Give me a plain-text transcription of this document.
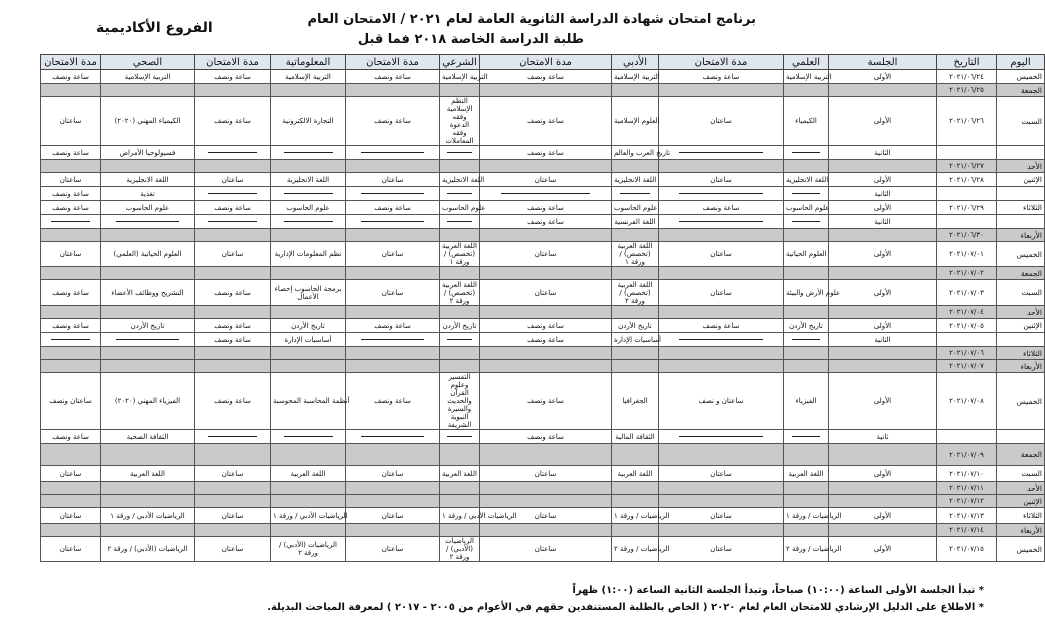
برنامج امتحان شهادة الدراسة الثانوية العامة لعام ٢٠٢١ / الامتحان العام
طلبة الدراسة الخاصة ٢٠١٨ فما قبل
الفروع الأكاديمية
مدة الامتحان	الصحي	مدة الامتحان	المعلوماتية	مدة الامتحان	الشرعي	مدة الامتحان	الأدبي	مدة الامتحان	العلمي	الجلسة	التاريخ	اليوم
ساعة ونصف	التربية الإسلامية	ساعة ونصف	التربية الإسلامية	ساعة ونصف	التربية الإسلامية	ساعة ونصف	التربية الإسلامية	ساعة ونصف	التربية الإسلامية	الأولى	٢٠٢١/٠٦/٢٤	الخميس
											٢٠٢١/٠٦/٢٥	الجمعة
ساعتان	الكيمياء المهني (٢٠٢٠)	ساعة ونصف	التجارة الالكترونية	ساعة ونصف	النظم الإسلامية وفقه الدعوة وفقه المعاملات	ساعة ونصف	العلوم الإسلامية	ساعتان	الكيمياء	الأولى	٢٠٢١/٠٦/٢٦	السبت
ساعة ونصف	فسيولوجيا الأمراض					ساعة ونصف	تاريخ العرب والعالم			الثانية		
											٢٠٢١/٠٦/٢٧	الأحد
ساعتان	اللغة الانجليزية	ساعتان	اللغة الانجليزية	ساعتان	اللغة الانجليزية	ساعتان	اللغة الانجليزية	ساعتان	اللغة الانجليزية	الأولى	٢٠٢١/٠٦/٢٨	الإثنين
ساعة ونصف	تغذية									الثانية		
ساعة ونصف	علوم الحاسوب	ساعة ونصف	علوم الحاسوب	ساعة ونصف	علوم الحاسوب	ساعة ونصف	علوم الحاسوب	ساعة ونصف	علوم الحاسوب	الأولى	٢٠٢١/٠٦/٢٩	الثلاثاء
						ساعة ونصف	اللغة الفرنسية			الثانية		
											٢٠٢١/٠٦/٣٠	الأربعاء
ساعتان	العلوم الحياتية (العلمي)	ساعتان	نظم المعلومات الإدارية	ساعتان	اللغة العربية (تخصص) / ورقة ١	ساعتان	اللغة العربية (تخصص) / ورقة ١	ساعتان	العلوم الحياتية	الأولى	٢٠٢١/٠٧/٠١	الخميس
											٢٠٢١/٠٧/٠٢	الجمعة
ساعة ونصف	التشريح ووظائف الأعضاء	ساعة ونصف	برمجة الحاسوب إحصاء الأعمال	ساعتان	اللغة العربية (تخصص) / ورقة ٢	ساعتان	اللغة العربية (تخصص) / ورقة ٢	ساعتان	علوم الأرض والبيئة	الأولى	٢٠٢١/٠٧/٠٣	السبت
											٢٠٢١/٠٧/٠٤	الأحد
ساعة ونصف	تاريخ الأردن	ساعة ونصف	تاريخ الأردن	ساعة ونصف	تاريخ الأردن	ساعة ونصف	تاريخ الأردن	ساعة ونصف	تاريخ الأردن	الأولى	٢٠٢١/٠٧/٠٥	الإثنين
		ساعة ونصف	أساسيات الإدارة			ساعة ونصف	أساسيات الإدارة			الثانية		
											٢٠٢١/٠٧/٠٦	الثلاثاء
											٢٠٢١/٠٧/٠٧	الأربعاء
ساعتان ونصف	الفيزياء المهني (٢٠٢٠)	ساعة ونصف	أنظمة المحاسبة المحوسبة	ساعة ونصف	التفسير وعلوم القرآن والحديث والسيرة النبوية الشريفة	ساعة ونصف	الجغرافيا	ساعتان و نصف	الفيزياء	الأولى	٢٠٢١/٠٧/٠٨	الخميس
ساعة ونصف	الثقافة الصحية					ساعة ونصف	الثقافة المالية			ثانية		
											٢٠٢١/٠٧/٠٩	الجمعة
ساعتان	اللغة العربية	ساعتان	اللغة العربية	ساعتان	اللغة العربية	ساعتان	اللغة العربية	ساعتان	اللغة العربية	الأولى	٢٠٢١/٠٧/١٠	السبت
											٢٠٢١/٠٧/١١	الأحد
											٢٠٢١/٠٧/١٢	الإثنين
ساعتان	الرياضيات الأدبي / ورقة ١	ساعتان	الرياضيات الأدبي / ورقة ١	ساعتان	الرياضيات الأدبي / ورقة ١	ساعتان	الرياضيات / ورقة ١	ساعتان	الرياضيات / ورقة ١	الأولى	٢٠٢١/٠٧/١٣	الثلاثاء
											٢٠٢١/٠٧/١٤	الأربعاء
ساعتان	الرياضيات (الأدبي) / ورقة ٢	ساعتان	الرياضيات (الأدبي) / ورقة ٢	ساعتان	الرياضيات (الأدبي) / ورقة ٢	ساعتان	الرياضيات / ورقة ٢	ساعتان	الرياضيات / ورقة ٢	الأولى	٢٠٢١/٠٧/١٥	الخميس
* تبدأ الجلسة الأولى الساعة (١٠:٠٠) صباحاً، وتبدأ الجلسة الثانية الساعة (١:٠٠) ظهراً
* الاطلاع على الدليل الإرشادي للامتحان العام لعام ٢٠٢٠ ( الخاص بالطلبة المستنفدين حقهم في الأعوام من ٢٠٠٥ - ٢٠١٧ ) لمعرفة المباحث البديلة.
